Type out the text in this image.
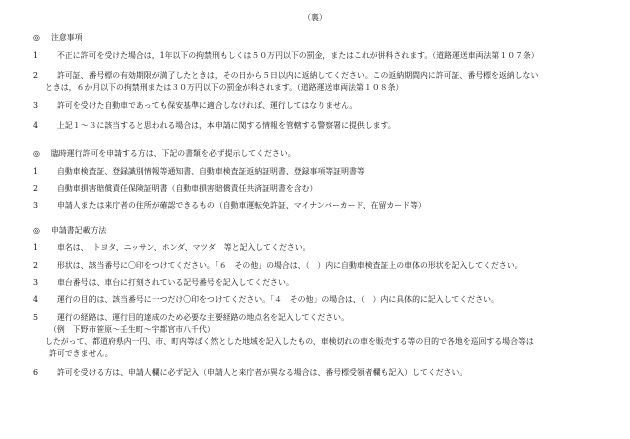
（裏）
◎ 注意事項
1 不正に許可を受けた場合は，1年以下の拘禁刑もしくは５０万円以下の罰金，またはこれが併科されます。（道路運送車両法第１０７条）
2 許可証、番号標の有効期限が満了したときは，その日から５日以内に返納してください。この返納期間内に許可証、番号標を返納しない
ときは，６か月以下の拘禁刑または３０万円以下の罰金が科されます。（道路運送車両法第１０８条）
3 許可を受けた自動車であっても保安基準に適合しなければ、運行してはなりません。
4 上記１～３に該当すると思われる場合は，本申請に関する情報を管轄する警察署に提供します。
◎ 臨時運行許可を申請する方は、下記の書類を必ず提示してください。
1 自動車検査証、登録識別情報等通知書、自動車検査証返納証明書、登録事項等証明書等
2 自動車損害賠償責任保険証明書（自動車損害賠償責任共済証明書を含む）
3 申請人または来庁者の住所が確認できるもの（自動車運転免許証、マイナンバーカード、在留カード等）
◎ 申請書記載方法
1 車名は、　トヨタ、ニッサン、ホンダ、マツダ　等と記入してください。
2 形状は、該当番号に〇印をつけてください。「６　その他」の場合は、（　）内に自動車検査証上の車体の形状を記入してください。
3 車台番号は、車台に打刻されている記号番号を記入してください。
4 運行の目的は、該当番号に一つだけ〇印をつけてください。「４　その他」の場合は、（　）内に具体的に記入してください。
5 運行の経路は、運行目的達成のため必要な主要経路の地点名を記入してください。
（例　下野市笹原～壬生町～宇都宮市八千代）
したがって、都道府県内一円、市、町内等ばく然とした地域を記入したもの、車検切れの車を販売する等の目的で各地を巡回する場合等は
許可できません。
6 許可を受ける方は、申請人欄に必ず記入（申請人と来庁者が異なる場合は、番号標受領者欄も記入）してください。
